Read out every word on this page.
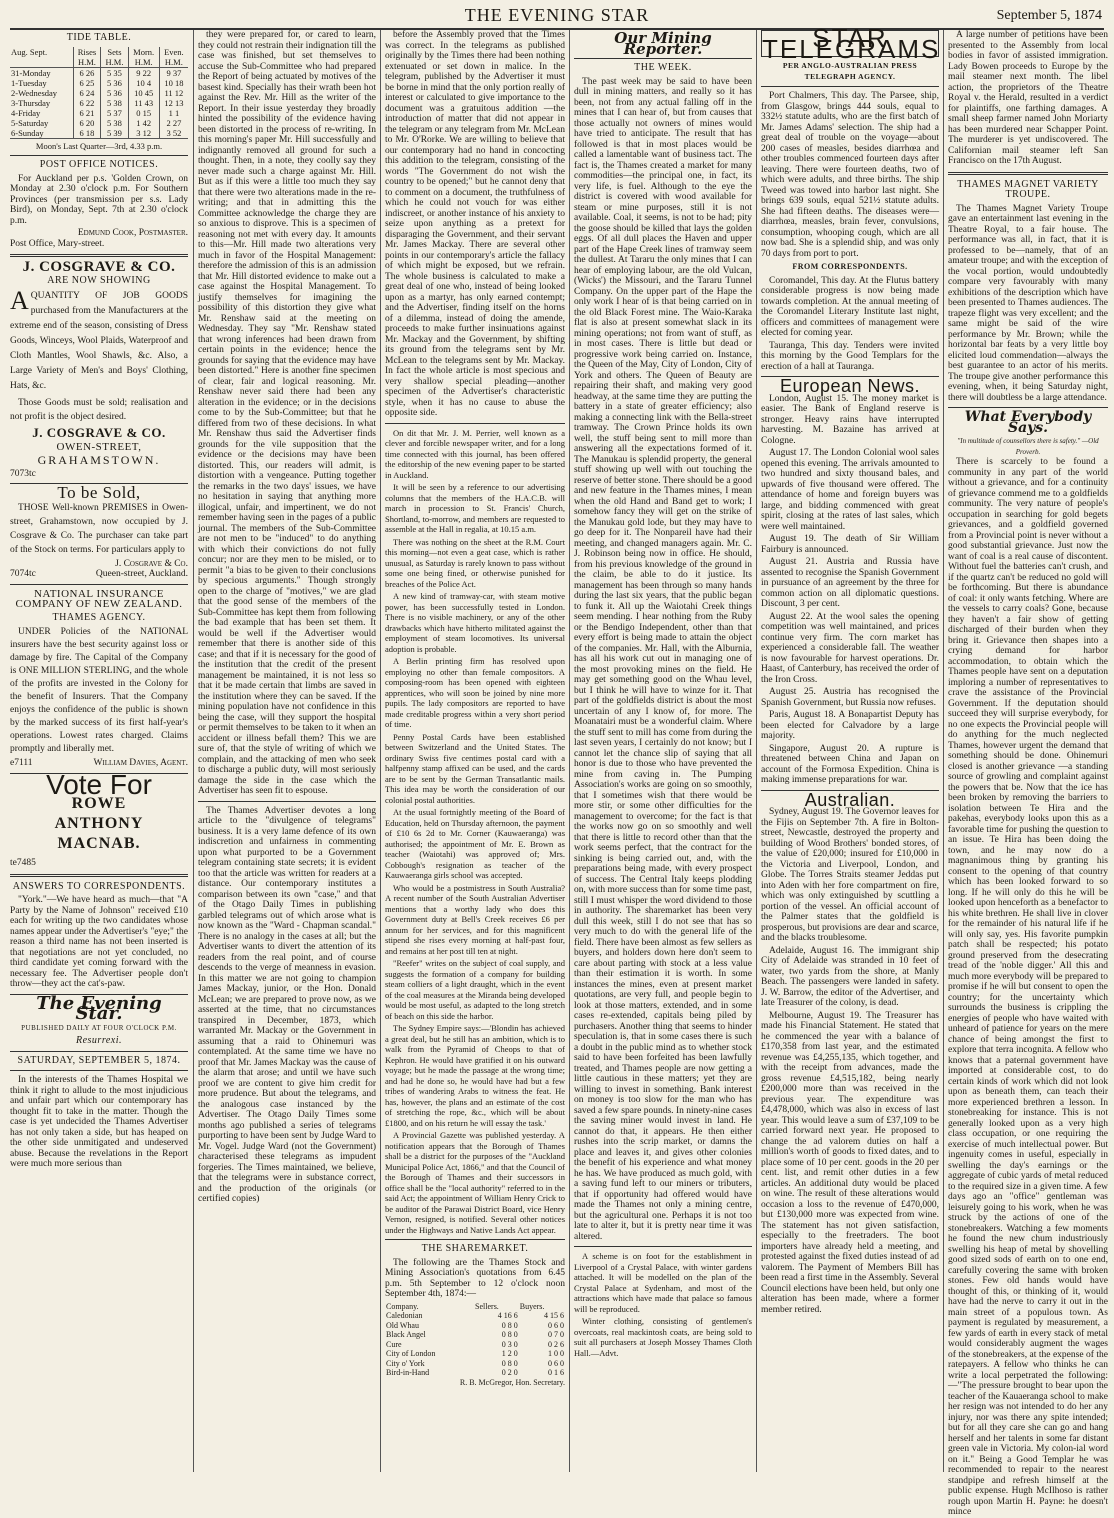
THE EVENING STAR	September 5, 1874
TIDE TABLE.
Aug. Sept.	Rises	Sets	Morn.	Even.
	H.M.	H.M.	H.M.	H.M.
31-Monday	6 26	5 35	9 22	9 37
1-Tuesday	6 25	5 36	10 4	10 18
2-Wednesday	6 24	5 36	10 45	11 12
3-Thursday	6 22	5 38	11 43	12 13
4-Friday	6 21	5 37	0 15	1 1
5-Saturday	6 20	5 38	1 42	2 27
6-Sunday	6 18	5 39	3 12	3 52
Moon's Last Quarter—3rd, 4.33 p.m.
POST OFFICE NOTICES.

For Auckland per p.s. 'Golden Crown, on Monday at 2.30 o'clock p.m. For Southern Provinces (per transmission per s.s. Lady Bird), on Monday, Sept. 7th at 2.30 o'clock p.m.

Edmund Cook, Postmaster.
Post Office, Mary-street.
J. COSGRAVE & CO.
ARE NOW SHOWING

AQUANTITY OF JOB GOODS purchased from the Manufacturers at the extreme end of the season, consisting of Dress Goods, Winceys, Wool Plaids, Waterproof and Cloth Mantles, Wool Shawls, &c. Also, a Large Variety of Men's and Boys' Clothing, Hats, &c.

Those Goods must be sold; realisation and not profit is the object desired.

J. COSGRAVE & CO.
OWEN-STREET,
GRAHAMSTOWN.
7073tc
To be Sold,

THOSE Well-known PREMISES in Owen-street, Grahamstown, now occupied by J. Cosgrave & Co. The purchaser can take part of the Stock on terms. For particulars apply to

J. Cosgrave & Co.
7074tc	Queen-street, Auckland.
NATIONAL INSURANCE COMPANY OF NEW ZEALAND.
THAMES AGENCY.

UNDER Policies of the NATIONAL insurers have the best security against loss or damage by fire. The Capital of the Company is ONE MILLION STERLING, and the whole of the profits are invested in the Colony for the benefit of Insurers. That the Company enjoys the confidence of the public is shown by the marked success of its first half-year's operations. Lowest rates charged. Claims promptly and liberally met.

e7111	William Davies, Agent.
Vote For
ROWE
ANTHONY
MACNAB.
te7485
ANSWERS TO CORRESPONDENTS.

"York."—We have heard as much—that "A Party by the Name of Johnson" received £10 each for writing up the two candidates whose names appear under the Advertiser's "eye;" the reason a third name has not been inserted is that negotiations are not yet concluded, no third candidate yet coming forward with the necessary fee. The Advertiser people don't throw—they act the cat's-paw.

The Evening Star.
PUBLISHED DAILY AT FOUR O'CLOCK P.M.
Resurrexi.
SATURDAY, SEPTEMBER 5, 1874.

In the interests of the Thames Hospital we think it right to allude to the most injudicious and unfair part which our contemporary has thought fit to take in the matter. Though the case is yet undecided the Thames Advertiser has not only taken a side, but has heaped on the other side unmitigated and undeserved abuse. Because the revelations in the Report were much more serious than

they were prepared for, or cared to learn, they could not restrain their indignation till the case was finished, but set themselves to accuse the Sub-Committee who had prepared the Report of being actuated by motives of the basest kind. Specially has their wrath been hot against the Rev. Mr. Hill as the writer of the Report. In their issue yesterday they broadly hinted the possibility of the evidence having been distorted in the process of re-writing. In this morning's paper Mr. Hill successfully and indignantly removed all ground for such a thought. Then, in a note, they coolly say they never made such a charge against Mr. Hill. But as if this were a little too much they say that there were two alterations made in the re-writing; and that in admitting this the Committee acknowledge the charge they are so anxious to disprove. This is a specimen of reasoning not met with every day. It amounts to this—Mr. Hill made two alterations very much in favor of the Hospital Management: therefore the admission of this is an admission that Mr. Hill distorted evidence to make out a case against the Hospital Management. To justify themselves for imagining the possibility of this distortion they give what Mr. Renshaw said at the meeting on Wednesday. They say "Mr. Renshaw stated that wrong inferences had been drawn from certain points in the evidence; hence the grounds for saying that the evidence may have been distorted." Here is another fine specimen of clear, fair and logical reasoning. Mr. Renshaw never said there had been any alteration in the evidence; or in the decisions come to by the Sub-Committee; but that he differed from two of these decisions. In what Mr. Renshaw thus said the Advertiser finds grounds for the vile supposition that the evidence or the decisions may have been distorted. This, our readers will admit, is distortion with a vengeance. Putting together the remarks in the two days' issues, we have no hesitation in saying that anything more illogical, unfair, and impertinent, we do not remember having seen in the pages of a public journal. The members of the Sub-Committee are not men to be "induced" to do anything with which their convictions do not fully concur; nor are they men to be misled, or to permit "a bias to be given to their conclusions by specious arguments." Though strongly open to the charge of "motives," we are glad that the good sense of the members of the Sub-Committee has kept them from following the bad example that has been set them. It would be well if the Advertiser would remember that there is another side of this case; and that if it is necessary for the good of the institution that the credit of the present management be maintained, it is not less so that it be made certain that limbs are saved in the institution where they can be saved. If the mining population have not confidence in this being the case, will they support the hospital or permit themselves to be taken to it when an accident or illness befall them? This we are sure of, that the style of writing of which we complain, and the attacking of men who seek to discharge a public duty, will most seriously damage the side in the case which the Advertiser has seen fit to espouse.

The Thames Advertiser devotes a long article to the "divulgence of telegrams" business. It is a very lame defence of its own indiscretion and unfairness in commenting upon what purported to be a Government telegram containing state secrets; it is evident too that the article was written for readers at a distance. Our contemporary institutes a comparison between its own "case," and that of the Otago Daily Times in publishing garbled telegrams out of which arose what is now known as the "Ward - Chapman scandal." There is no analogy in the cases at all; but the Advertiser wants to divert the attention of its readers from the real point, and of course descends to the verge of meanness in evasion. In this matter we are not going to champion James Mackay, junior, or the Hon. Donald McLean; we are prepared to prove now, as we asserted at the time, that no circumstances transpired in December, 1873, which warranted Mr. Mackay or the Government in assuming that a raid to Ohinemuri was contemplated. At the same time we have no proof that Mr. James Mackay was the cause of the alarm that arose; and until we have such proof we are content to give him credit for more prudence. But about the telegrams, and the analogous case instanced by the Advertiser. The Otago Daily Times some months ago published a series of telegrams purporting to have been sent by Judge Ward to Mr. Vogel. Judge Ward (not the Government) characterised these telegrams as impudent forgeries. The Times maintained, we believe, that the telegrams were in substance correct, and the production of the originals (or certified copies)

before the Assembly proved that the Times was correct. In the telegrams as published originally by the Times there had been nothing extenuated or set down in malice. In the telegram, published by the Advertiser it must be borne in mind that the only portion really of interest or calculated to give importance to the document was a gratuitous addition —the introduction of matter that did not appear in the telegram or any telegram from Mr. McLean to Mr. O'Rorke. We are willing to believe that our contemporary had no hand in concocting this addition to the telegram, consisting of the words "The Government do not wish the country to be opened;" but he cannot deny that to comment on a document, the truthfulness of which he could not vouch for was either indiscreet, or another instance of his anxiety to seize upon anything as a pretext for disparaging the Government, and their servant Mr. James Mackay. There are several other points in our contemporary's article the fallacy of which might be exposed, but we refrain. The whole business is calculated to make a great deal of one who, instead of being looked upon as a martyr, has only earned contempt; and the Advertiser, finding itself on the horns of a dilemma, instead of doing the amende, proceeds to make further insinuations against Mr. Mackay and the Government, by shifting its ground from the telegrams sent by Mr. McLean to the telegrams sent by Mr. Mackay. In fact the whole article is most specious and very shallow special pleading—another specimen of the Advertiser's characteristic style, when it has no cause to abuse the opposite side.

On dit that Mr. J. M. Perrier, well known as a clever and forcible newspaper writer, and for a long time connected with this journal, has been offered the editorship of the new evening paper to be started in Auckland.

It will be seen by a reference to our advertising columns that the members of the H.A.C.B. will march in procession to St. Francis' Church, Shortland, to-morrow, and members are requested to assemble at the Hall in regalia, at 10.15 a.m.

There was nothing on the sheet at the R.M. Court this morning—not even a geat case, which is rather unusual, as Saturday is rarely known to pass without some one being fined, or otherwise punished for breaches of the Police Act.

A new kind of tramway-car, with steam motive power, has been successfully tested in London. There is no visible machinery, or any of the other drawbacks which have hitherto militated against the employment of steam locomotives. Its universal adoption is probable.

A Berlin printing firm has resolved upon employing no other than female compositors. A composing-room has been opened with eighteen apprentices, who will soon be joined by nine more pupils. The lady compositors are reported to have made creditable progress within a very short period of time.

Penny Postal Cards have been established between Switzerland and the United States. The ordinary Swiss five centimes postal card with a halfpenny stamp affixed can be used, and the cards are to be sent by the German Transatlantic mails. This idea may be worth the consideration of our colonial postal authorities.

At the usual fortnightly meeting of the Board of Education, held on Thursday afternoon, the payment of £10 6s 2d to Mr. Corner (Kauwaeranga) was authorised; the appointment of Mr. E. Brown as teacher (Waiotahi) was approved of; Mrs. Cobbough's resignation as teacher of the Kauwaeranga girls school was accepted.

Who would be a postmistress in South Australia? A recent number of the South Australian Advertiser mentions that a worthy lady who does this Government duty at Bell's Creek receives £6 per annum for her services, and for this magnificent stipend she rises every morning at half-past four, and remains at her post till ten at night.

"Reefer" writes on the subject of coal supply, and suggests the formation of a company for building steam colliers of a light draught, which in the event of the coal measures at the Miranda being developed would be most useful, as adapted to the long stretch of beach on this side the harbor.

The Sydney Empire says:—'Blondin has achieved a great deal, but he still has an ambition, which is to walk from the Pyramid of Cheops to that of Kephron. He would have gratified it on his outward voyage; but he made the passage at the wrong time; and had he done so, he would have had but a few tribes of wandering Arabs to witness the feat. He has, however, the plans and an estimate of the cost of stretching the rope, &c., which will be about £1800, and on his return he will essay the task.'

A Provincial Gazette was published yesterday. A notification appears that the Borough of Thames shall be a district for the purposes of the "Auckland Municipal Police Act, 1866," and that the Council of the Borough of Thames and their successors in office shall be the "local authority" referred to in the said Act; the appointment of William Henry Crick to be auditor of the Parawai District Board, vice Henry Vernon, resigned, is notified. Several other notices under the Highways and Native Lands Act appear.

THE SHAREMARKET.

The following are the Thames Stock and Mining Association's quotations from 6.45 p.m. 5th September to 12 o'clock noon September 4th, 1874:—

Company.	Sellers.	Buyers.
Caledonian	4 16 6	4 15 6
Old Whau	0 8 0	0 6 0
Black Angel	0 8 0	0 7 0
Cure	0 3 0	0 2 6
City of London	1 2 0	1 0 0
City o' York	0 8 0	0 6 0
Bird-in-Hand	0 2 0	0 1 6
R. B. McGregor, Hon. Secretary.
Our Mining Reporter.
THE WEEK.

The past week may be said to have been dull in mining matters, and really so it has been, not from any actual falling off in the mines that I can hear of, but from causes that those actually not owners of mines would have tried to anticipate. The result that has followed is that in most places would be called a lamentable want of business tact. The fact is, the Thames created a market for many commodities—the principal one, in fact, its very life, is fuel. Although to the eye the district is covered with wood available for steam or mine purposes, still it is not available. Coal, it seems, is not to be had; pity the goose should be killed that lays the golden eggs. Of all dull places the Haven and upper part of the Hape Creek lines of tramway seem the dullest. At Tararu the only mines that I can hear of employing labour, are the old Vulcan, (Wicks') the Missouri, and the Tararu Tunnel Company. On the upper part of the Hape the only work I hear of is that being carried on in the old Black Forest mine. The Waio-Karaka flat is also at present somewhat slack in its mining operations; not from want of stuff, as in most cases. There is little but dead or progressive work being carried on. Instance, the Queen of the May, City of London, City of York and others. The Queen of Beauty are repairing their shaft, and making very good headway, at the same time they are putting the battery in a state of greater efficiency; also making a connecting link with the Bella-street tramway. The Crown Prince holds its own well, the stuff being sent to mill more than answering all the expectations formed of it. The Manukau is splendid property, the general stuff showing up well with out touching the reserve of better stone. There should be a good and new feature in the Thames mines, I mean when the old Hand and Band get to work; I somehow fancy they will get on the strike of the Manukau gold lode, but they may have to go deep for it. The Nonpareil have had their meeting, and changed managers again. Mr. C. J. Robinson being now in office. He should, from his previous knowledge of the ground in the claim, be able to do it justice. Its management has been through so many hands during the last six years, that the public began to funk it. All up the Waiotahi Creek things seem mending. I hear nothing from the Ruby or the Bendigo Independent, other than that every effort is being made to attain the object of the companies. Mr. Hall, with the Alburnia, has all his work cut out in managing one of the most provoking mines on the field. He may get something good on the Whau level, but I think he will have to winze for it. That part of the goldfields district is about the most uncertain of any I know of, for more. The Moanatairi must be a wonderful claim. Where the stuff sent to mill has come from during the last seven years, I certainly do not know; but I cannot let the chance slip of saying that all honor is due to those who have prevented the mine from caving in. The Pumping Association's works are going on so smoothly, that I sometimes wish that there would be more stir, or some other difficulties for the management to overcome; for the fact is that the works now go on so smoothly and well that there is little to record other than that the work seems perfect, that the contract for the sinking is being carried out, and, with the preparations being made, with every prospect of success. The Central Italy keeps plodding on, with more success than for some time past, still I must whisper the word dividend to those in authority. The sharemarket has been very dull this week, still I do not see that has so very much to do with the general life of the field. There have been almost as few sellers as buyers, and holders down here don't seem to care about parting with stock at a less value than their estimation it is worth. In some instances the mines, even at present market quotations, are very full, and people begin to look at those matters, extended, and in some cases re-extended, capitals being piled by purchasers. Another thing that seems to hinder speculation is, that in some cases there is such a doubt in the public mind as to whether stock said to have been forfeited has been lawfully treated, and Thames people are now getting a little cautious in these matters; yet they are willing to invest in something. Bank interest on money is too slow for the man who has saved a few spare pounds. In ninety-nine cases the saving miner would invest in land. He cannot do that, it appears. He then either rushes into the scrip market, or damns the place and leaves it, and gives other colonies the benefit of his experience and what money he has. We have produced as much gold, with a saving fund left to our miners or tributers, that if opportunity had offered would have made the Thames not only a mining centre, but the agricultural one. Perhaps it is not too late to alter it, but it is pretty near time it was altered.

A scheme is on foot for the establishment in Liverpool of a Crystal Palace, with winter gardens attached. It will be modelled on the plan of the Crystal Palace at Sydenham, and most of the attractions which have made that palace so famous will be reproduced.

Winter clothing, consisting of gentlemen's overcoats, real mackintosh coats, are being sold to suit all purchasers at Joseph Mossey Thames Cloth Hall.—Advt.

STAR TELEGRAMS
PER ANGLO-AUSTRALIAN PRESS TELEGRAPH AGENCY.

Port Chalmers, This day. The Parsee, ship, from Glasgow, brings 444 souls, equal to 332½ statute adults, who are the first batch of Mr. James Adams' selection. The ship had a great deal of trouble on the voyage—about 200 cases of measles, besides diarrhœa and other troubles commenced fourteen days after leaving. There were fourteen deaths, two of which were adults, and three births. The ship Tweed was towed into harbor last night. She brings 639 souls, equal 521½ statute adults. She had fifteen deaths. The diseases were—diarrhœa, measles, brain fever, convulsions, consumption, whooping cough, which are all now bad. She is a splendid ship, and was only 70 days from port to port.

FROM CORRESPONDENTS.

Coromandel, This day. At the Flutus battery considerable progress is now being made towards completion. At the annual meeting of the Coromandel Literary Institute last night, officers and committees of management were elected for coming year.

Tauranga, This day. Tenders were invited this morning by the Good Templars for the erection of a hall at Tauranga.

European News.

London, August 15. The money market is easier. The Bank of England reserve is stronger. Heavy rains have interrupted harvesting. M. Bazaine has arrived at Cologne.

August 17. The London Colonial wool sales opened this evening. The arrivals amounted to two hundred and sixty thousand bales, and upwards of five thousand were offered. The attendance of home and foreign buyers was large, and bidding commenced with great spirit, closing at the rates of last sales, which were well maintained.

August 19. The death of Sir William Fairbury is announced.

August 21. Austria and Russia have assented to recognise the Spanish Government in pursuance of an agreement by the three for common action on all diplomatic questions. Discount, 3 per cent.

August 22. At the wool sales the opening competition was well maintained, and prices continue very firm. The corn market has experienced a considerable fall. The weather is now favourable for harvest operations. Dr. Haast, of Canterbury, has received the order of the Iron Cross.

August 25. Austria has recognised the Spanish Government, but Russia now refuses.

Paris, August 18. A Bonapartist Deputy has been elected for Calvadore by a large majority.

Singapore, August 20. A rupture is threatened between China and Japan on account of the Formosa Expedition. China is making immense preparations for war.

Australian.

Sydney, August 19. The Governor leaves for the Fijis on September 7th. A fire in Bolton-street, Newcastle, destroyed the property and building of Wood Brothers' bonded stores, of the value of £20,000; insured for £10,000 in the Victoria and Liverpool, London, and Globe. The Torres Straits steamer Jeddas put into Aden with her fore compartment on fire, which was only extinguished by scuttling a portion of the vessel. An official account of the Palmer states that the goldfield is prosperous, but provisions are dear and scarce, and the blacks troublesome.

Adelaide, August 16. The immigrant ship City of Adelaide was stranded in 10 feet of water, two yards from the shore, at Manly Beach. The passengers were landed in safety. J. W. Barrow, the editor of the Advertiser, and late Treasurer of the colony, is dead.

Melbourne, August 19. The Treasurer has made his Financial Statement. He stated that he commenced the year with a balance of £170,358 from last year, and the estimated revenue was £4,255,135, which together, and with the receipt from advances, made the gross revenue £4,515,182, being nearly £200,000 more than was received in the previous year. The expenditure was £4,478,000, which was also in excess of last year. This would leave a sum of £37,109 to be carried forward next year. He proposed to change the ad valorem duties on half a million's worth of goods to fixed dates, and to place some of 10 per cent. goods in the 20 per cent. list, and remit other duties in a few articles. An additional duty would be placed on wine. The result of these alterations would occasion a loss to the revenue of £470,000, but £130,000 more was expected from wine. The statement has not given satisfaction, especially to the freetraders. The boot importers have already held a meeting, and protested against the fixed duties instead of ad valorem. The Payment of Members Bill has been read a first time in the Assembly. Several Council elections have been held, but only one alteration has been made, where a former member retired.

A large number of petitions have been presented to the Assembly from local bodies in favor of assisted immigration. Lady Bowen proceeds to Europe by the mail steamer next month. The libel action, the proprietors of the Theatre Royal v. the Herald, resulted in a verdict for plaintiffs, one farthing damages. A small sheep farmer named John Moriarty has been murdered near Schapper Point. The murderer is yet undiscovered. The Californian mail steamer left San Francisco on the 17th August.

THAMES MAGNET VARIETY TROUPE.

The Thames Magnet Variety Troupe gave an entertainment last evening in the Theatre Royal, to a fair house. The performance was all, in fact, that it is professed to be—namely, that of an amateur troupe; and with the exception of the vocal portion, would undoubtedly compare very favourably with many exhibitions of the description which have been presented to Thames audiences. The trapeze flight was very excellent; and the same might be said of the wire performance by Mr. Brown; while the horizontal bar feats by a very little boy elicited loud commendation—always the best guarantee to an actor of his merits. The troupe give another performance this evening, when, it being Saturday night, there will doubtless be a large attendance.

What Everybody Says.
"In multitude of counsellors there is safety." —Old Proverb.

There is scarcely to be found a community in any part of the world without a grievance, and for a continuity of grievance commend me to a goldfields community. The very nature of people's occupation in searching for gold begets grievances, and a goldfield governed from a Provincial point is never without a good substantial grievance. Just now the want of coal is a real cause of discontent. Without fuel the batteries can't crush, and if the quartz can't be reduced no gold will be forthcoming. But there is abundance of coal: it only wants fetching. Where are the vessels to carry coals? Gone, because they haven't a fair show of getting discharged of their burden when they bring it. Grievance then shapes into a crying demand for harbor accommodation, to obtain which the Thames people have sent on a deputation imploring a number of representatives to crave the assistance of the Provincial Government. If the deputation should succeed they will surprise everybody, for no one expects the Provincial people will do anything for the much neglected Thames, however urgent the demand that something should be done. Ohinemuri closed is another grievance —a standing source of growling and complaint against the powers that be. Now that the ice has been broken by removing the barriers to isolation between Te Hira and the pakehas, everybody looks upon this as a favorable time for pushing the question to an issue. Te Hira has been doing the town, and he may now do a magnanimous thing by granting his consent to the opening of that country which has been looked forward to so long. If he will only do this he will be looked upon henceforth as a benefactor to his white brethren. He shall live in clover for the remainder of his natural life if he will only say, yes. His favorite pumpkin patch shall be respected; his potato ground preserved from the desecrating tread of the 'noble digger.' All this and much more everybody will be prepared to promise if he will but consent to open the country; for the uncertainty which surrounds the business is crippling the energies of people who have waited with unheard of patience for years on the mere chance of being amongst the first to explore that terra incognita. A fellow who knows that a paternal government have imported at considerable cost, to do certain kinds of work which did not look upon as beneath them, can teach their more experienced brethren a lesson. In stonebreaking for instance. This is not generally looked upon as a very high class occupation, or one requiring the exercise of much intellectual power. But ingenuity comes in useful, especially in swelling the day's earnings or the aggregate of cubic yards of metal reduced to the required size in a given time. A few days ago an "office" gentleman was leisurely going to his work, when he was struck by the actions of one of the stonebreakers. Watching a few moments he found the new chum industriously swelling his heap of metal by shovelling good sized sods of earth on to one end, carefully covering the same with broken stones. Few old hands would have thought of this, or thinking of it, would have had the nerve to carry it out in the main street of a populous town. As payment is regulated by measurement, a few yards of earth in every stack of metal would considerably augment the wages of the stonebreakers, at the expense of the ratepayers. A fellow who thinks he can write a local perpetrated the following:—"The pressure brought to bear upon the teacher of the Kauaeranga school to make her resign was not intended to do her any injury, nor was there any spite intended; but for all they care she can go and hang herself and her talents in some far distant green vale in Victoria. My colon-ial word on it." Being a Good Templar he was recommended to repair to the nearest standpipe and refresh himself at the public expense. Hugh McIlhoso is rather rough upon Martin H. Payne: he doesn't mince
